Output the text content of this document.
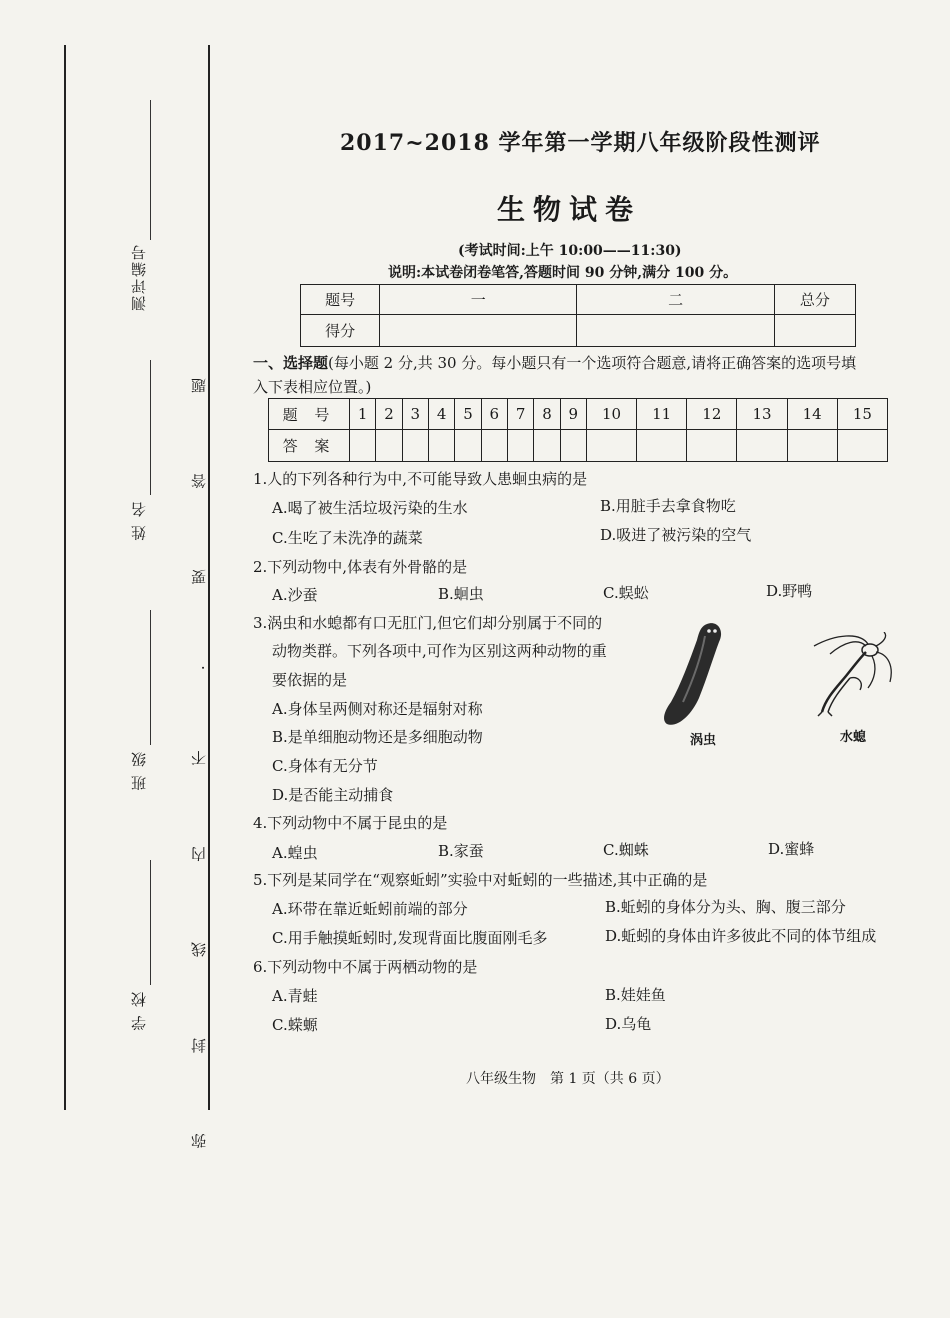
测评编号
姓 名
班 级
学 校	弥 封 线 内 不 . 要 答 题
2017~2018 学年第一学期八年级阶段性测评
生物试卷
(考试时间:上午 10:00——11:30)
说明:本试卷闭卷笔答,答题时间 90 分钟,满分 100 分。
题号	一	二	总分
得分			
一、选择题(每小题 2 分,共 30 分。每小题只有一个选项符合题意,请将正确答案的选项号填
入下表相应位置。)
题 号	1	2	3	4	5	6	7	8	9	10	11	12	13	14	15
答 案															
1.人的下列各种行为中,不可能导致人患蛔虫病的是
A.喝了被生活垃圾污染的生水	B.用脏手去拿食物吃
C.生吃了未洗净的蔬菜	D.吸进了被污染的空气
2.下列动物中,体表有外骨骼的是
A.沙蚕	B.蛔虫	C.蜈蚣	D.野鸭
3.涡虫和水螅都有口无肛门,但它们却分别属于不同的
动物类群。下列各项中,可作为区别这两种动物的重
要依据的是
A.身体呈两侧对称还是辐射对称
B.是单细胞动物还是多细胞动物
C.身体有无分节
D.是否能主动捕食
涡虫	水螅
4.下列动物中不属于昆虫的是
A.蝗虫	B.家蚕	C.蜘蛛	D.蜜蜂
5.下列是某同学在“观察蚯蚓”实验中对蚯蚓的一些描述,其中正确的是
A.环带在靠近蚯蚓前端的部分	B.蚯蚓的身体分为头、胸、腹三部分
C.用手触摸蚯蚓时,发现背面比腹面刚毛多	D.蚯蚓的身体由许多彼此不同的体节组成
6.下列动物中不属于两栖动物的是
A.青蛙	B.娃娃鱼
C.蝾螈	D.乌龟
八年级生物　第 1 页（共 6 页）
